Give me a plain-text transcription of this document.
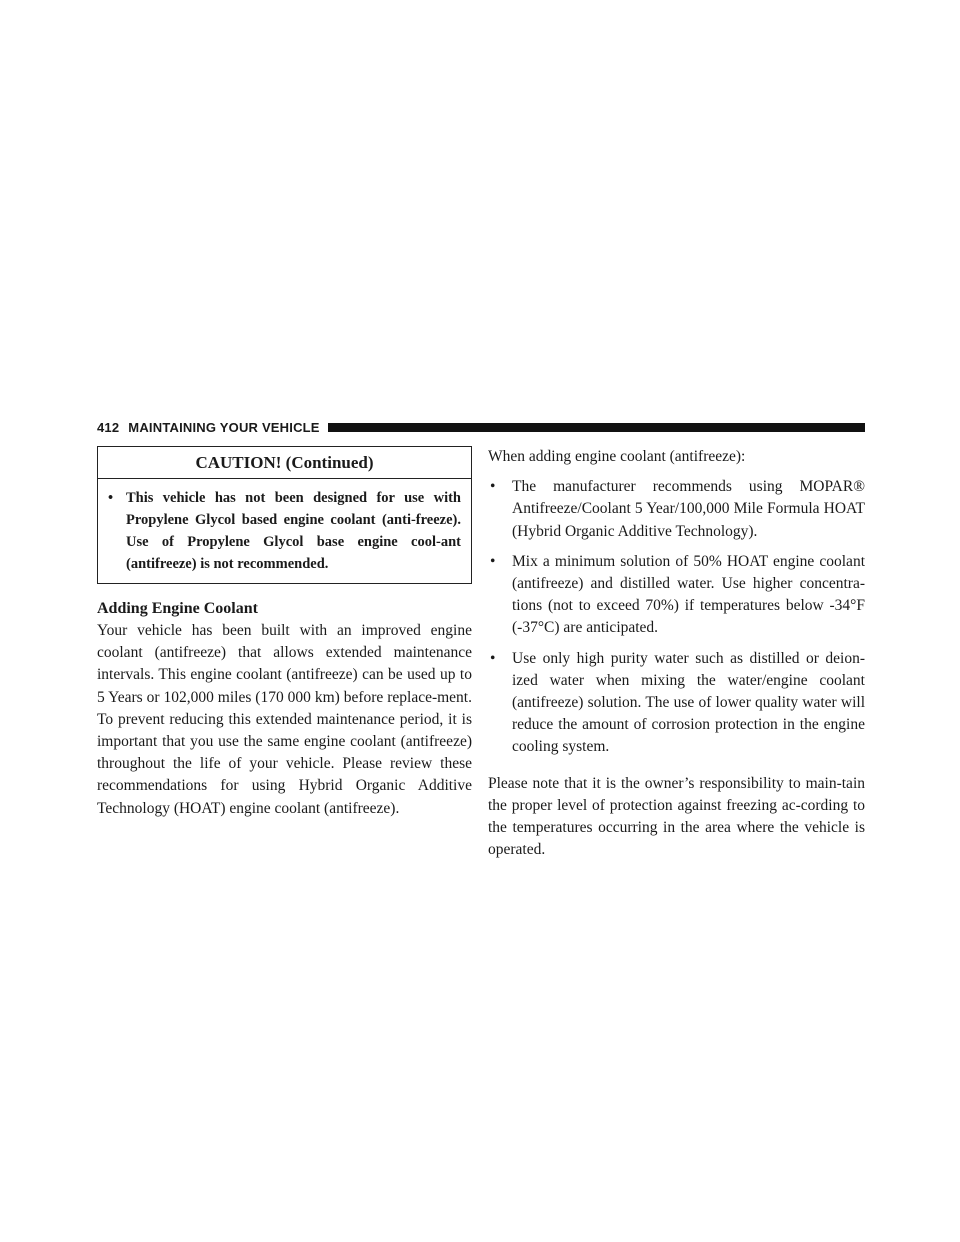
412 MAINTAINING YOUR VEHICLE
CAUTION! (Continued)
• This vehicle has not been designed for use with Propylene Glycol based engine coolant (anti-freeze). Use of Propylene Glycol base engine cool-ant (antifreeze) is not recommended.
Adding Engine Coolant

Your vehicle has been built with an improved engine coolant (antifreeze) that allows extended maintenance intervals. This engine coolant (antifreeze) can be used up to 5 Years or 102,000 miles (170 000 km) before replace-ment. To prevent reducing this extended maintenance period, it is important that you use the same engine coolant (antifreeze) throughout the life of your vehicle. Please review these recommendations for using Hybrid Organic Additive Technology (HOAT) engine coolant (antifreeze).

When adding engine coolant (antifreeze):

•	The manufacturer recommends using MOPAR® Antifreeze/Coolant 5 Year/100,000 Mile Formula HOAT (Hybrid Organic Additive Technology).
•	Mix a minimum solution of 50% HOAT engine coolant (antifreeze) and distilled water. Use higher concentra-tions (not to exceed 70%) if temperatures below -34°F (-37°C) are anticipated.
•	Use only high purity water such as distilled or deion-ized water when mixing the water/engine coolant (antifreeze) solution. The use of lower quality water will reduce the amount of corrosion protection in the engine cooling system.

Please note that it is the owner’s responsibility to main-tain the proper level of protection against freezing ac-cording to the temperatures occurring in the area where the vehicle is operated.
